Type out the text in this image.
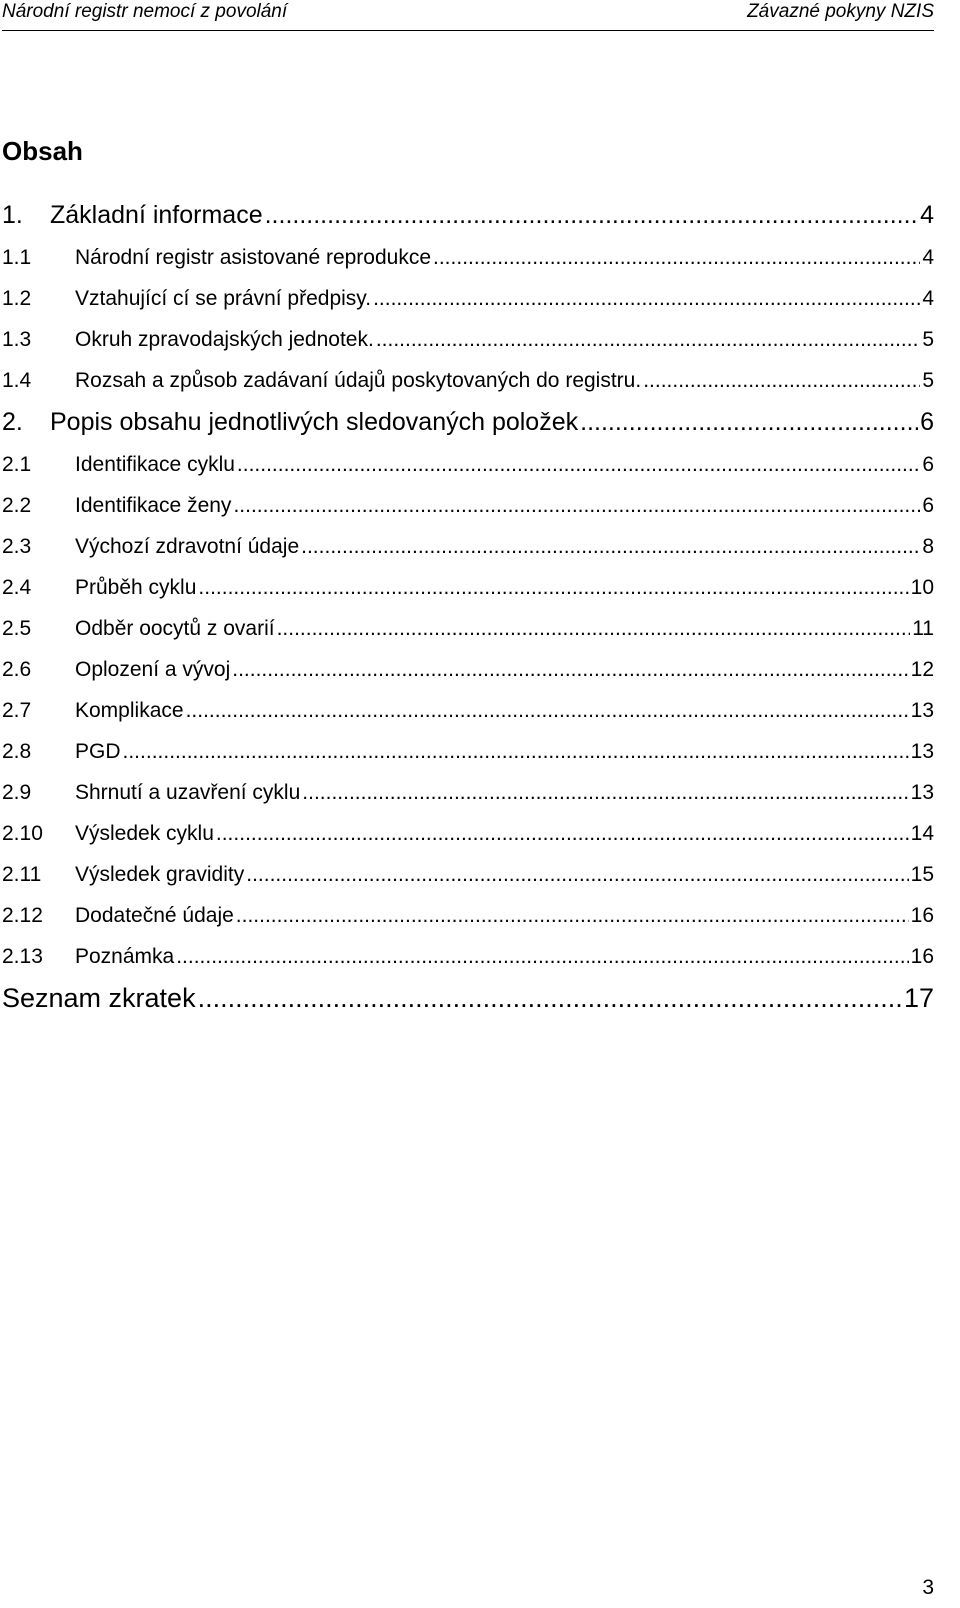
Národní registr nemocí z povolání	Závazné pokyny NZIS
Obsah
1.	Základní informace .....	4
1.1	Národní registr asistované reprodukce .....	4
1.2	Vztahující cí se právní předpisy. .....	4
1.3	Okruh zpravodajských jednotek. .....	5
1.4	Rozsah a způsob zadávaní údajů poskytovaných do registru. .....	5
2.	Popis obsahu jednotlivých sledovaných položek .....	6
2.1	Identifikace cyklu .....	6
2.2	Identifikace ženy .....	6
2.3	Výchozí zdravotní údaje .....	8
2.4	Průběh cyklu .....	10
2.5	Odběr oocytů z ovarií .....	11
2.6	Oplození a vývoj .....	12
2.7	Komplikace .....	13
2.8	PGD .....	13
2.9	Shrnutí a uzavření cyklu .....	13
2.10	Výsledek cyklu .....	14
2.11	Výsledek gravidity .....	15
2.12	Dodatečné údaje .....	16
2.13	Poznámka .....	16
Seznam zkratek .....	17
3
